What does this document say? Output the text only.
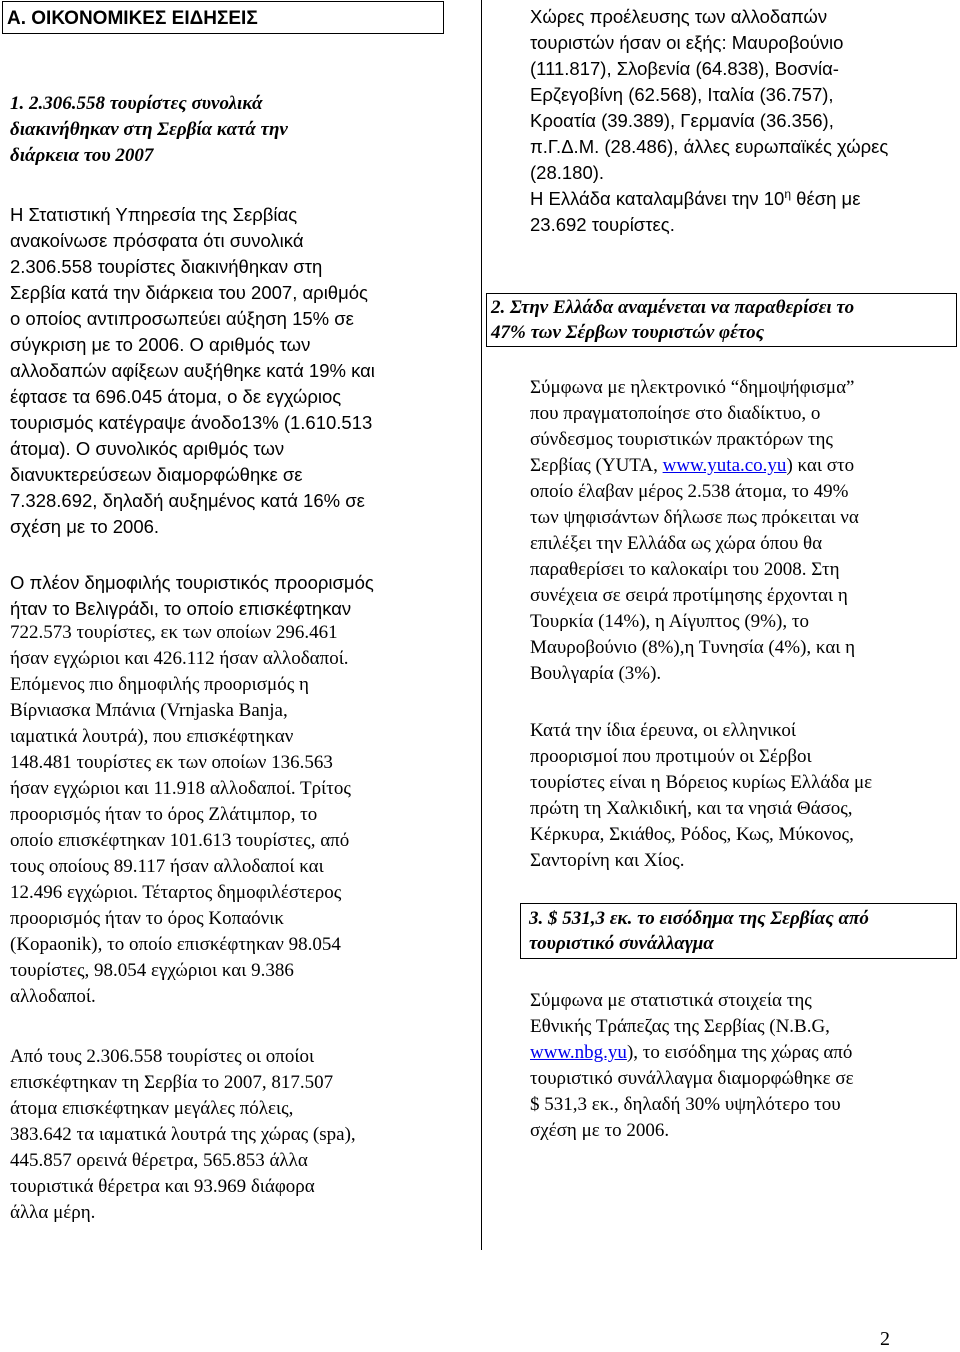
Α. ΟΙΚΟΝΟΜΙΚΕΣ ΕΙΔΗΣΕΙΣ

1. 2.306.558 τουρίστες συνολικά

διακινήθηκαν στη Σερβία κατά την

διάρκεια του 2007

Η Στατιστική Υπηρεσία της Σερβίας

ανακοίνωσε πρόσφατα ότι συνολικά

2.306.558 τουρίστες διακινήθηκαν στη

Σερβία κατά την διάρκεια του 2007, αριθμός

ο οποίος αντιπροσωπεύει αύξηση 15% σε

σύγκριση με το 2006. Ο αριθμός των

αλλοδαπών αφίξεων αυξήθηκε κατά 19% και

έφτασε τα 696.045 άτομα, ο δε εγχώριος

τουρισμός κατέγραψε άνοδο13% (1.610.513

άτομα). Ο συνολικός αριθμός των

διανυκτερεύσεων διαμορφώθηκε σε

7.328.692, δηλαδή αυξημένος κατά 16% σε

σχέση με το 2006.

Ο πλέον δημοφιλής τουριστικός προορισμός

ήταν το Βελιγράδι, το οποίο επισκέφτηκαν

722.573 τουρίστες, εκ των οποίων 296.461

ήσαν εγχώριοι και 426.112 ήσαν αλλοδαποί.

Επόμενος πιο δημοφιλής προορισμός η

Βίρνιασκα Μπάνια (Vrnjaska Banja,

ιαματικά λουτρά), που επισκέφτηκαν

148.481 τουρίστες εκ των οποίων 136.563

ήσαν εγχώριοι και 11.918 αλλοδαποί. Τρίτος

προορισμός ήταν το όρος Ζλάτιμπορ, το

οποίο επισκέφτηκαν 101.613 τουρίστες, από

τους οποίους 89.117 ήσαν αλλοδαποί και

12.496 εγχώριοι. Τέταρτος δημοφιλέστερος

προορισμός ήταν το όρος Κοπαόνικ

(Kopaonik), το οποίο επισκέφτηκαν 98.054

τουρίστες, 98.054 εγχώριοι και 9.386

αλλοδαποί.

Από τους 2.306.558 τουρίστες οι οποίοι

επισκέφτηκαν τη Σερβία το 2007, 817.507

άτομα επισκέφτηκαν μεγάλες πόλεις,

383.642 τα ιαματικά λουτρά της χώρας (spa),

445.857 ορεινά θέρετρα, 565.853 άλλα

τουριστικά θέρετρα και 93.969 διάφορα

άλλα μέρη.

Χώρες προέλευσης των αλλοδαπών

τουριστών ήσαν οι εξής: Μαυροβούνιο

(111.817), Σλοβενία (64.838), Βοσνία-

Ερζεγοβίνη (62.568), Ιταλία (36.757),

Κροατία (39.389), Γερμανία (36.356),

π.Γ.Δ.Μ. (28.486), άλλες ευρωπαϊκές χώρες

(28.180).

Η Ελλάδα καταλαμβάνει την $10^\eta$ θέση με

23.692 τουρίστες.

2. Στην Ελλάδα αναμένεται να παραθερίσει το

47% των Σέρβων τουριστών φέτος

Σύμφωνα με ηλεκτρονικό “δημοψήφισμα”

που πραγματοποίησε στο διαδίκτυο, ο

σύνδεσμος τουριστικών πρακτόρων της

Σερβίας (YUTA, www.yuta.co.yu) και στο

οποίο έλαβαν μέρος 2.538 άτομα, το 49%

των ψηφισάντων δήλωσε πως πρόκειται να

επιλέξει την Ελλάδα ως χώρα όπου θα

παραθερίσει το καλοκαίρι του 2008. Στη

συνέχεια σε σειρά προτίμησης έρχονται η

Τουρκία (14%), η Αίγυπτος (9%), το

Μαυροβούνιο (8%),η Τυνησία (4%), και η

Βουλγαρία (3%).

Κατά την ίδια έρευνα, οι ελληνικοί

προορισμοί που προτιμούν οι Σέρβοι

τουρίστες είναι η Βόρειος κυρίως Ελλάδα με

πρώτη τη Χαλκιδική, και τα νησιά Θάσος,

Κέρκυρα, Σκιάθος, Ρόδος, Κως, Μύκονος,

Σαντορίνη και Χίος.

3. $ 531,3 εκ. το εισόδημα της Σερβίας από

τουριστικό συνάλλαγμα

Σύμφωνα με στατιστικά στοιχεία της

Εθνικής Τράπεζας της Σερβίας (N.B.G,

www.nbg.yu), το εισόδημα της χώρας από

τουριστικό συνάλλαγμα διαμορφώθηκε σε

$ 531,3 εκ., δηλαδή 30% υψηλότερο του

σχέση με το 2006.

2
